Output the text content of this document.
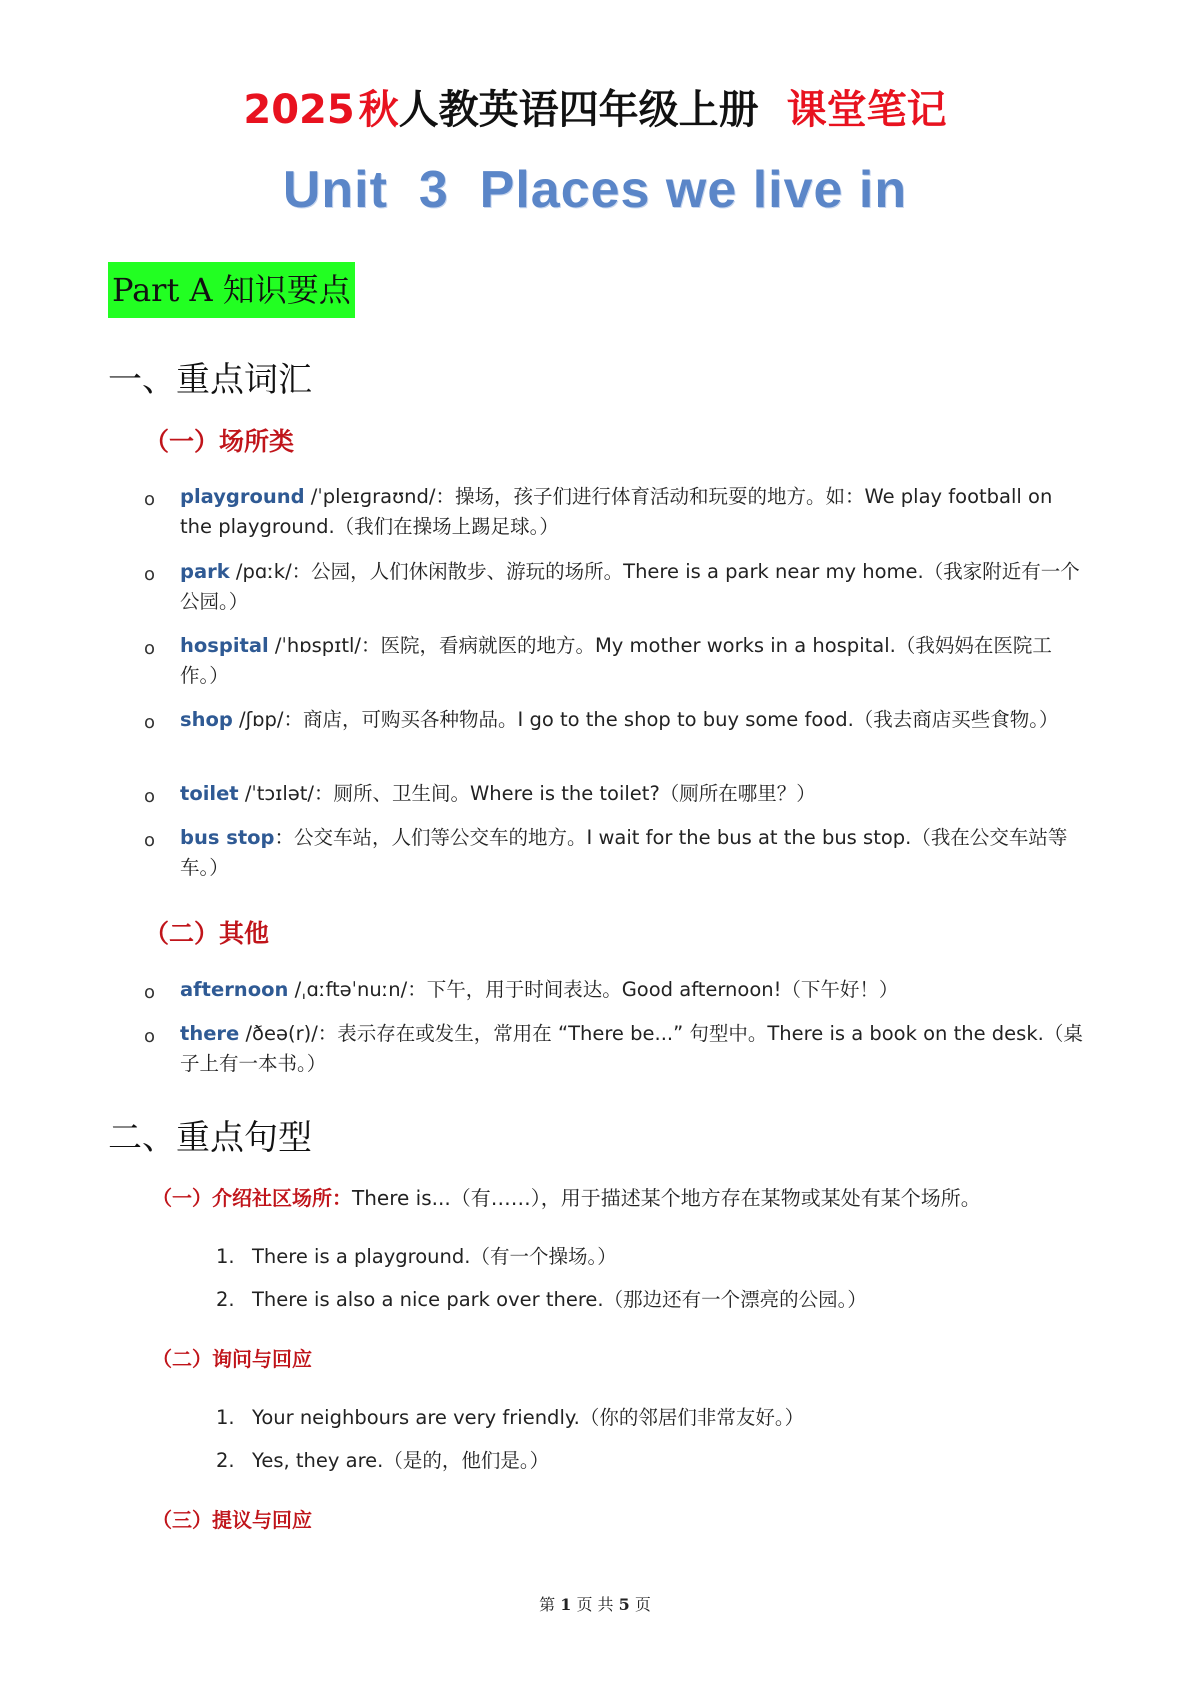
2025 秋人教英语四年级上册 课堂笔记
Unit  3  Places we live in
Part A 知识要点
一、重点词汇
（一）场所类
o playground /ˈpleɪɡraʊnd/：操场，孩子们进行体育活动和玩耍的地方。如：We play football on the playground.（我们在操场上踢足球。）
o park /pɑːk/：公园，人们休闲散步、游玩的场所。There is a park near my home.（我家附近有一个公园。）
o hospital /ˈhɒspɪtl/：医院，看病就医的地方。My mother works in a hospital.（我妈妈在医院工作。）
o shop /ʃɒp/：商店，可购买各种物品。I go to the shop to buy some food.（我去商店买些食物。）
o toilet /ˈtɔɪlət/：厕所、卫生间。Where is the toilet?（厕所在哪里？）
o bus stop：公交车站，人们等公交车的地方。I wait for the bus at the bus stop.（我在公交车站等车。）
（二）其他
o afternoon /ˌɑːftəˈnuːn/：下午，用于时间表达。Good afternoon!（下午好！）
o there /ðeə(r)/：表示存在或发生，常用在 “There be...” 句型中。There is a book on the desk.（桌子上有一本书。）
二、重点句型
（一）介绍社区场所：There is...（有……），用于描述某个地方存在某物或某处有某个场所。
1. There is a playground.（有一个操场。）
2. There is also a nice park over there.（那边还有一个漂亮的公园。）
（二）询问与回应
1. Your neighbours are very friendly.（你的邻居们非常友好。）
2. Yes, they are.（是的，他们是。）
（三）提议与回应
第 1 页 共 5 页
